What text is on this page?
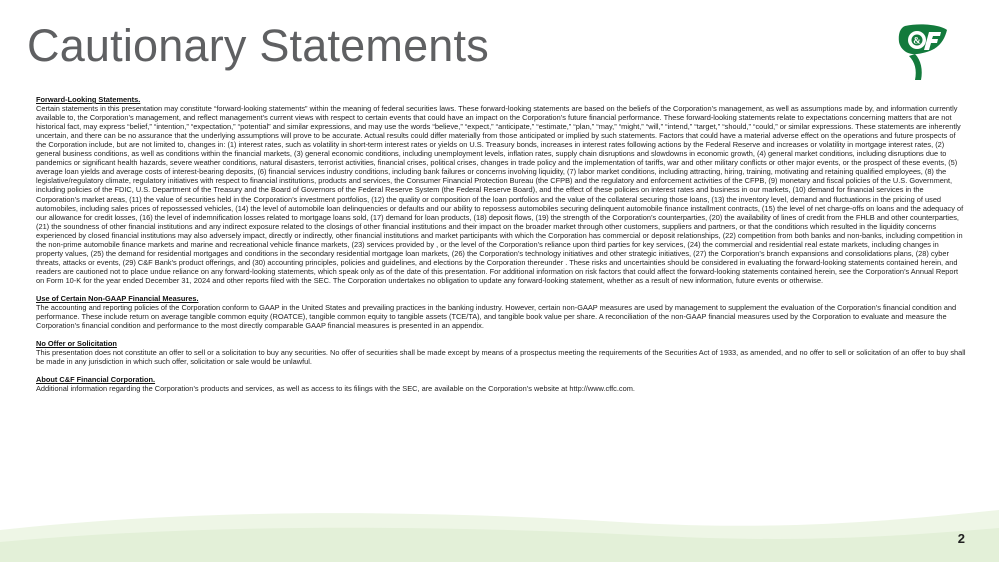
Cautionary Statements	&

Forward-Looking Statements.

Certain statements in this presentation may constitute “forward-looking statements” within the meaning of federal securities laws. These forward-looking statements are based on the beliefs of the Corporation’s management, as well as assumptions made by, and information currently available to, the Corporation’s management, and reflect management’s current views with respect to certain events that could have an impact on the Corporation’s future financial performance. These forward-looking statements relate to expectations concerning matters that are not historical fact, may express “belief,” “intention,” “expectation,” “potential” and similar expressions, and may use the words “believe,” “expect,” “anticipate,” “estimate,” “plan,” “may,” “might,” “will,” “intend,” “target,” “should,” “could,” or similar expressions. These statements are inherently uncertain, and there can be no assurance that the underlying assumptions will prove to be accurate. Actual results could differ materially from those anticipated or implied by such statements. Factors that could have a material adverse effect on the operations and future prospects of the Corporation include, but are not limited to, changes in: (1) interest rates, such as volatility in short-term interest rates or yields on U.S. Treasury bonds, increases in interest rates following actions by the Federal Reserve and increases or volatility in mortgage interest rates, (2) general business conditions, as well as conditions within the financial markets, (3) general economic conditions, including unemployment levels, inflation rates, supply chain disruptions and slowdowns in economic growth, (4) general market conditions, including disruptions due to pandemics or significant health hazards, severe weather conditions, natural disasters, terrorist activities, financial crises, political crises, changes in trade policy and the implementation of tariffs, war and other military conflicts or other major events, or the prospect of these events, (5) average loan yields and average costs of interest-bearing deposits, (6) financial services industry conditions, including bank failures or concerns involving liquidity, (7) labor market conditions, including attracting, hiring, training, motivating and retaining qualified employees, (8) the legislative/regulatory climate, regulatory initiatives with respect to financial institutions, products and services, the Consumer Financial Protection Bureau (the CFPB) and the regulatory and enforcement activities of the CFPB, (9) monetary and fiscal policies of the U.S. Government, including policies of the FDIC, U.S. Department of the Treasury and the Board of Governors of the Federal Reserve System (the Federal Reserve Board), and the effect of these policies on interest rates and business in our markets, (10) demand for financial services in the Corporation’s market areas, (11) the value of securities held in the Corporation’s investment portfolios, (12) the quality or composition of the loan portfolios and the value of the collateral securing those loans, (13) the inventory level, demand and fluctuations in the pricing of used automobiles, including sales prices of repossessed vehicles, (14) the level of automobile loan delinquencies or defaults and our ability to repossess automobiles securing delinquent automobile finance installment contracts, (15) the level of net charge-offs on loans and the adequacy of our allowance for credit losses, (16) the level of indemnification losses related to mortgage loans sold, (17) demand for loan products, (18) deposit flows, (19) the strength of the Corporation’s counterparties, (20) the availability of lines of credit from the FHLB and other counterparties, (21) the soundness of other financial institutions and any indirect exposure related to the closings of other financial institutions and their impact on the broader market through other customers, suppliers and partners, or that the conditions which resulted in the liquidity concerns experienced by closed financial institutions may also adversely impact, directly or indirectly, other financial institutions and market participants with which the Corporation has commercial or deposit relationships, (22) competition from both banks and non-banks, including competition in the non-prime automobile finance markets and marine and recreational vehicle finance markets, (23) services provided by , or the level of the Corporation’s reliance upon third parties for key services, (24) the commercial and residential real estate markets, including changes in property values, (25) the demand for residential mortgages and conditions in the secondary residential mortgage loan markets, (26) the Corporation’s technology initiatives and other strategic initiatives, (27) the Corporation’s branch expansions and consolidations plans, (28) cyber threats, attacks or events, (29) C&F Bank’s product offerings, and (30) accounting principles, policies and guidelines, and elections by the Corporation thereunder . These risks and uncertainties should be considered in evaluating the forward-looking statements contained herein, and readers are cautioned not to place undue reliance on any forward-looking statements, which speak only as of the date of this presentation. For additional information on risk factors that could affect the forward-looking statements contained herein, see the Corporation’s Annual Report on Form 10-K for the year ended December 31, 2024 and other reports filed with the SEC. The Corporation undertakes no obligation to update any forward-looking statement, whether as a result of new information, future events or otherwise.

Use of Certain Non-GAAP Financial Measures.

The accounting and reporting policies of the Corporation conform to GAAP in the United States and prevailing practices in the banking industry. However, certain non-GAAP measures are used by management to supplement the evaluation of the Corporation’s financial condition and performance. These include return on average tangible common equity (ROATCE), tangible common equity to tangible assets (TCE/TA), and tangible book value per share. A reconciliation of the non-GAAP financial measures used by the Corporation to evaluate and measure the Corporation’s financial condition and performance to the most directly comparable GAAP financial measures is presented in an appendix.

No Offer or Solicitation

This presentation does not constitute an offer to sell or a solicitation to buy any securities. No offer of securities shall be made except by means of a prospectus meeting the requirements of the Securities Act of 1933, as amended, and no offer to sell or solicitation of an offer to buy shall be made in any jurisdiction in which such offer, solicitation or sale would be unlawful.

About C&F Financial Corporation.

Additional information regarding the Corporation’s products and services, as well as access to its filings with the SEC, are available on the Corporation’s website at http://www.cffc.com.

2
